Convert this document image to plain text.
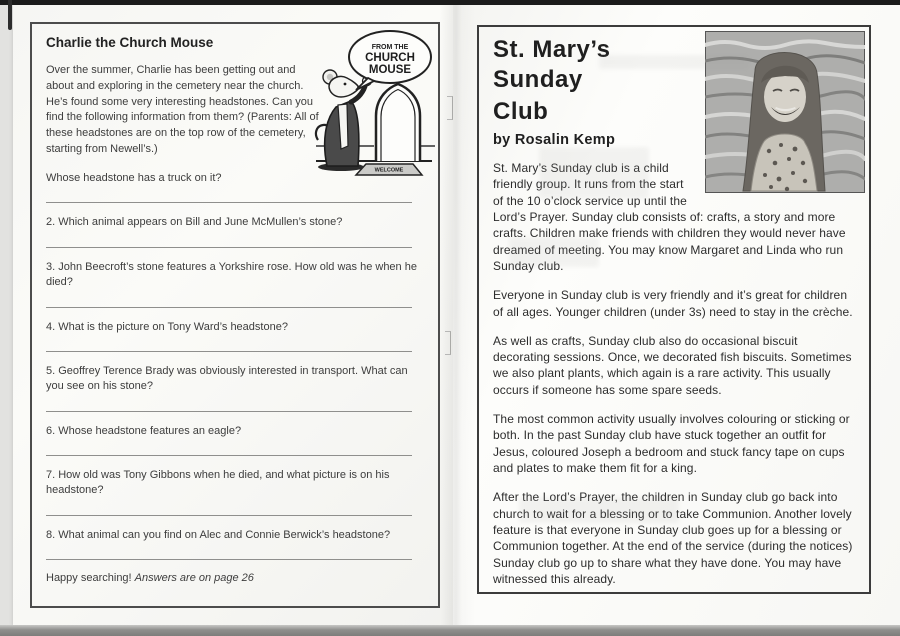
Charlie the Church Mouse
WELCOME
FROM THE
CHURCH
MOUSE
Over the summer, Charlie has been getting out and about and exploring in the cemetery near the church. He’s found some very interesting headstones. Can you find the following information from them? (Parents: All of these headstones are on the top row of the cemetery, starting from Newell’s.)
Whose headstone has a truck on it?
2. Which animal appears on Bill and June McMullen’s stone?
3. John Beecroft’s stone features a Yorkshire rose. How old was he when he died?
4. What is the picture on Tony Ward’s headstone?
5. Geoffrey Terence Brady was obviously interested in transport. What can you see on his stone?
6. Whose headstone features an eagle?
7. How old was Tony Gibbons when he died, and what picture is on his headstone?
8. What animal can you find on Alec and Connie Berwick’s headstone?
Happy searching! Answers are on page 26
St. Mary’s Sunday
Club
by Rosalin Kemp

St. Mary’s Sunday club is a child friendly group. It runs from the start of the 10 o’clock service up until the Lord’s Prayer. Sunday club consists of: crafts, a story and more crafts. Children make friends with children they would never have dreamed of meeting. You may know Margaret and Linda who run Sunday club.

Everyone in Sunday club is very friendly and it’s great for children of all ages. Younger children (under 3s) need to stay in the crèche.

As well as crafts, Sunday club also do occasional biscuit decorating sessions. Once, we decorated fish biscuits. Sometimes we also plant plants, which again is a rare activity. This usually occurs if someone has some spare seeds.

The most common activity usually involves colouring or sticking or both. In the past Sunday club have stuck together an outfit for Jesus, coloured Joseph a bedroom and stuck fancy tape on cups and plates to make them fit for a king.

After the Lord’s Prayer, the children in Sunday club go back into church to wait for a blessing or to take Communion. Another lovely feature is that everyone in Sunday club goes up for a blessing or Communion together. At the end of the service (during the notices) Sunday club go up to share what they have done. You may have witnessed this already.
